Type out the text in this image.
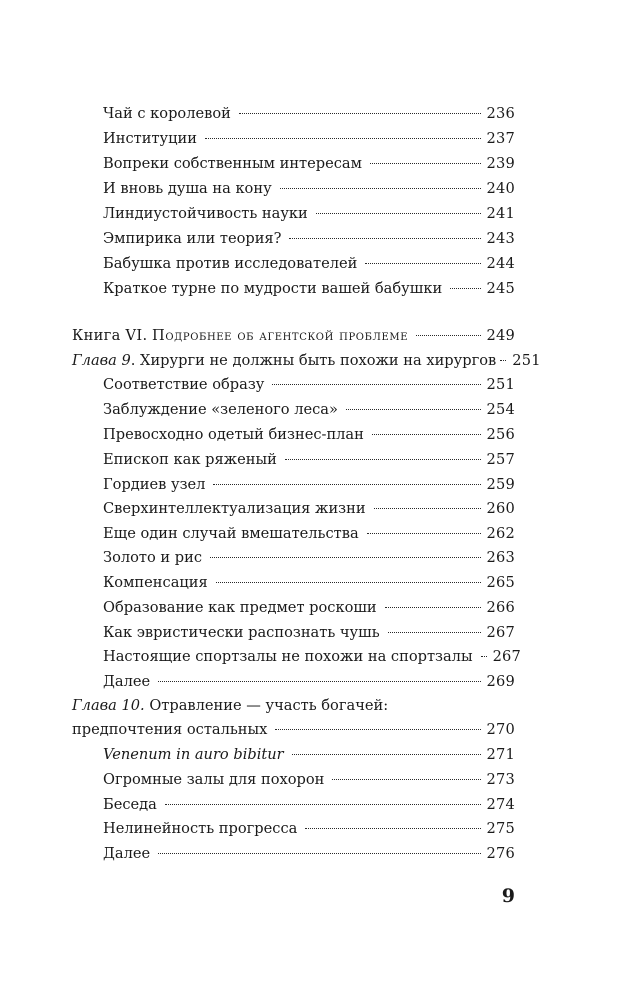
Чай с королевой	236
Институции	237
Вопреки собственным интересам	239
И вновь душа на кону	240
Линдиустойчивость науки	241
Эмпирика или теория?	243
Бабушка против исследователей	244
Краткое турне по мудрости вашей бабушки	245
Книга VI. Подробнее об агентской проблеме	249
Глава 9. Хирурги не должны быть похожи на хирургов 251
Соответствие образу	251
Заблуждение «зеленого леса»	254
Превосходно одетый бизнес-план	256
Епископ как ряженый	257
Гордиев узел	259
Сверхинтеллектуализация жизни	260
Еще один случай вмешательства	262
Золото и рис	263
Компенсация	265
Образование как предмет роскоши	266
Как эвристически распознать чушь	267
Настоящие спортзалы не похожи на спортзалы 267
Далее	269
Глава 10. Отравление — участь богачей:
предпочтения остальных	270
Venenum in auro bibitur	271
Огромные залы для похорон	273
Беседа	274
Нелинейность прогресса	275
Далее	276
9
